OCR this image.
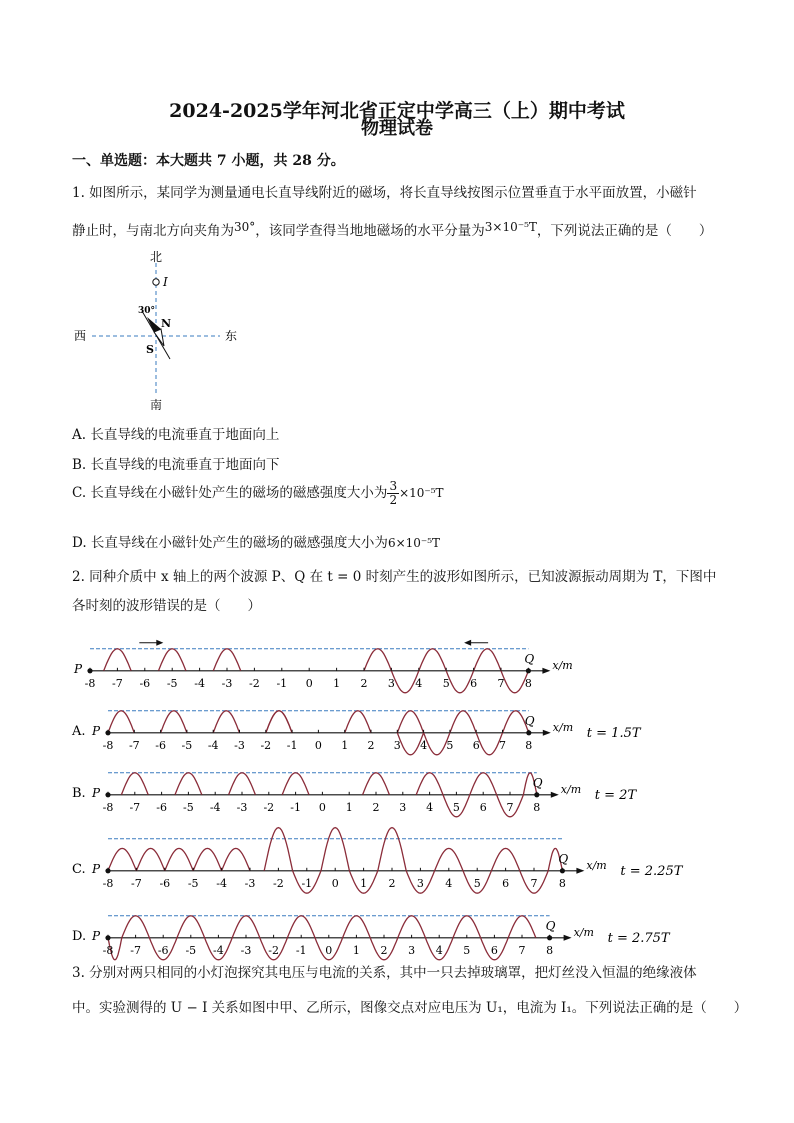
2024-2025学年河北省正定中学高三（上）期中考试
物理试卷
一、单选题：本大题共 7 小题，共 28 分。
1. 如图所示，某同学为测量通电长直导线附近的磁场，将长直导线按图示位置垂直于水平面放置，小磁针
静止时，与南北方向夹角为30°，该同学查得当地地磁场的水平分量为3×10⁻⁵T，下列说法正确的是（　　）
北
南
西	东
I
30°
N
S
A. 长直导线的电流垂直于地面向上
B. 长直导线的电流垂直于地面向下
C. 长直导线在小磁针处产生的磁场的磁感强度大小为 $\frac{3}{2} \times 10^{-5}T$
D. 长直导线在小磁针处产生的磁场的磁感强度大小为6×10⁻⁵T
2. 同种介质中 x 轴上的两个波源 P、Q 在 t = 0 时刻产生的波形如图所示，已知波源振动周期为 T，下图中
各时刻的波形错误的是（　　）
-8 -7 -6 -5 -4 -3 -2 -1 0 1 2 3 4 5 6 7 8
P
Q x/m
-8 -7 -6 -5 -4 -3 -2 -1 0 1 2 3 4 5 6 7 8
P
Q x/m
A.	t = 1.5T
-8 -7 -6 -5 -4 -3 -2 -1 0 1 2 3 4 5 6 7 8
P
Q x/m
B.	t = 2T
-8 -7 -6 -5 -4 -3 -2 -1 0 1 2 3 4 5 6 7 8
P
Q x/m
C.	t = 2.25T
-8 -7 -6 -5 -4 -3 -2 -1 0 1 2 3 4 5 6 7 8
P
Q x/m
D.	t = 2.75T
3. 分别对两只相同的小灯泡探究其电压与电流的关系，其中一只去掉玻璃罩，把灯丝没入恒温的绝缘液体
中。实验测得的 U − I 关系如图中甲、乙所示，图像交点对应电压为 U₁，电流为 I₁。下列说法正确的是（　　）
